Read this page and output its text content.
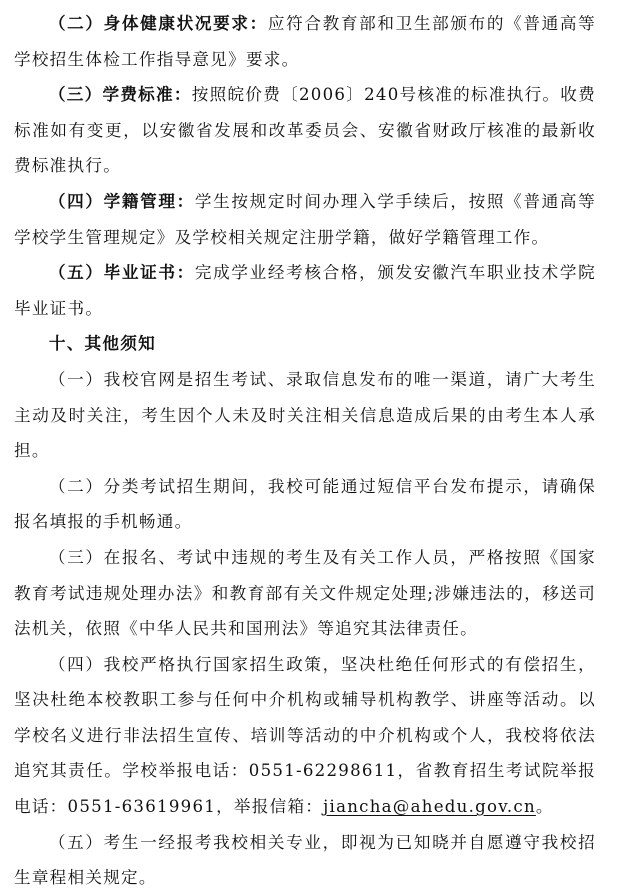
（二）身体健康状况要求：应符合教育部和卫生部颁布的《普通高等学校招生体检工作指导意见》要求。

（三）学费标准：按照皖价费〔2006〕240号核准的标准执行。收费标准如有变更，以安徽省发展和改革委员会、安徽省财政厅核准的最新收费标准执行。

（四）学籍管理：学生按规定时间办理入学手续后，按照《普通高等学校学生管理规定》及学校相关规定注册学籍，做好学籍管理工作。

（五）毕业证书：完成学业经考核合格，颁发安徽汽车职业技术学院毕业证书。

十、其他须知

（一）我校官网是招生考试、录取信息发布的唯一渠道，请广大考生主动及时关注，考生因个人未及时关注相关信息造成后果的由考生本人承担。

（二）分类考试招生期间，我校可能通过短信平台发布提示，请确保报名填报的手机畅通。

（三）在报名、考试中违规的考生及有关工作人员，严格按照《国家教育考试违规处理办法》和教育部有关文件规定处理;涉嫌违法的，移送司法机关，依照《中华人民共和国刑法》等追究其法律责任。

（四）我校严格执行国家招生政策，坚决杜绝任何形式的有偿招生，坚决杜绝本校教职工参与任何中介机构或辅导机构教学、讲座等活动。以学校名义进行非法招生宣传、培训等活动的中介机构或个人，我校将依法追究其责任。学校举报电话：0551-62298611，省教育招生考试院举报电话：0551-63619961，举报信箱：jiancha@ahedu.gov.cn。

（五）考生一经报考我校相关专业，即视为已知晓并自愿遵守我校招生章程相关规定。
